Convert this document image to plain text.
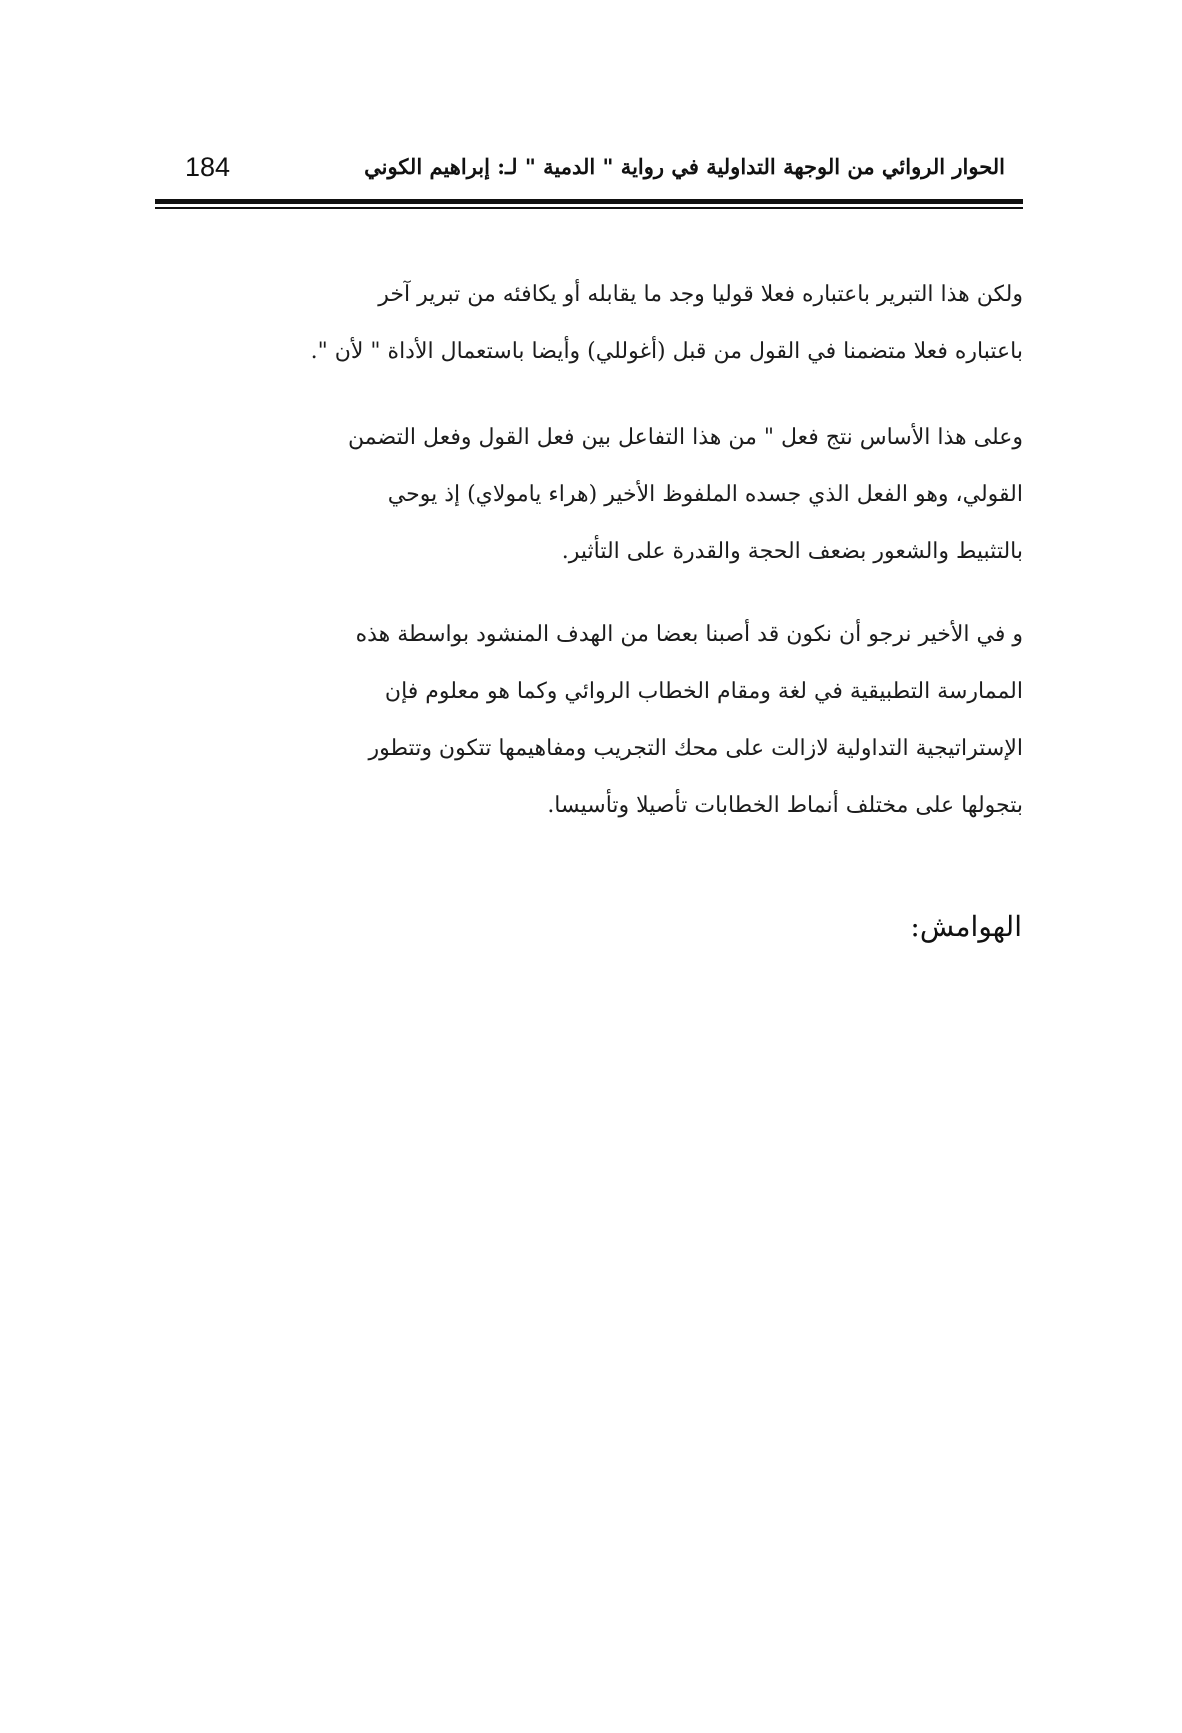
184	الحوار الروائي من الوجهة التداولية في رواية " الدمية " لـ: إبراهيم الكوني
ولكن هذا التبرير باعتباره فعلا قوليا وجد ما يقابله أو يكافئه من تبرير آخر
باعتباره فعلا متضمنا في القول من قبل (أغوللي) وأيضا باستعمال الأداة " لأن ".
وعلى هذا الأساس نتج فعل " من هذا التفاعل بين فعل القول وفعل التضمن
القولي، وهو الفعل الذي جسده الملفوظ الأخير (هراء يامولاي) إذ يوحي
بالتثبيط والشعور بضعف الحجة والقدرة على التأثير.
و في الأخير نرجو أن نكون قد أصبنا بعضا من الهدف المنشود بواسطة هذه
الممارسة التطبيقية في لغة ومقام الخطاب الروائي وكما هو معلوم فإن
الإستراتيجية التداولية لازالت على محك التجريب ومفاهيمها تتكون وتتطور
بتجولها على مختلف أنماط الخطابات تأصيلا وتأسيسا.
الهوامش:
